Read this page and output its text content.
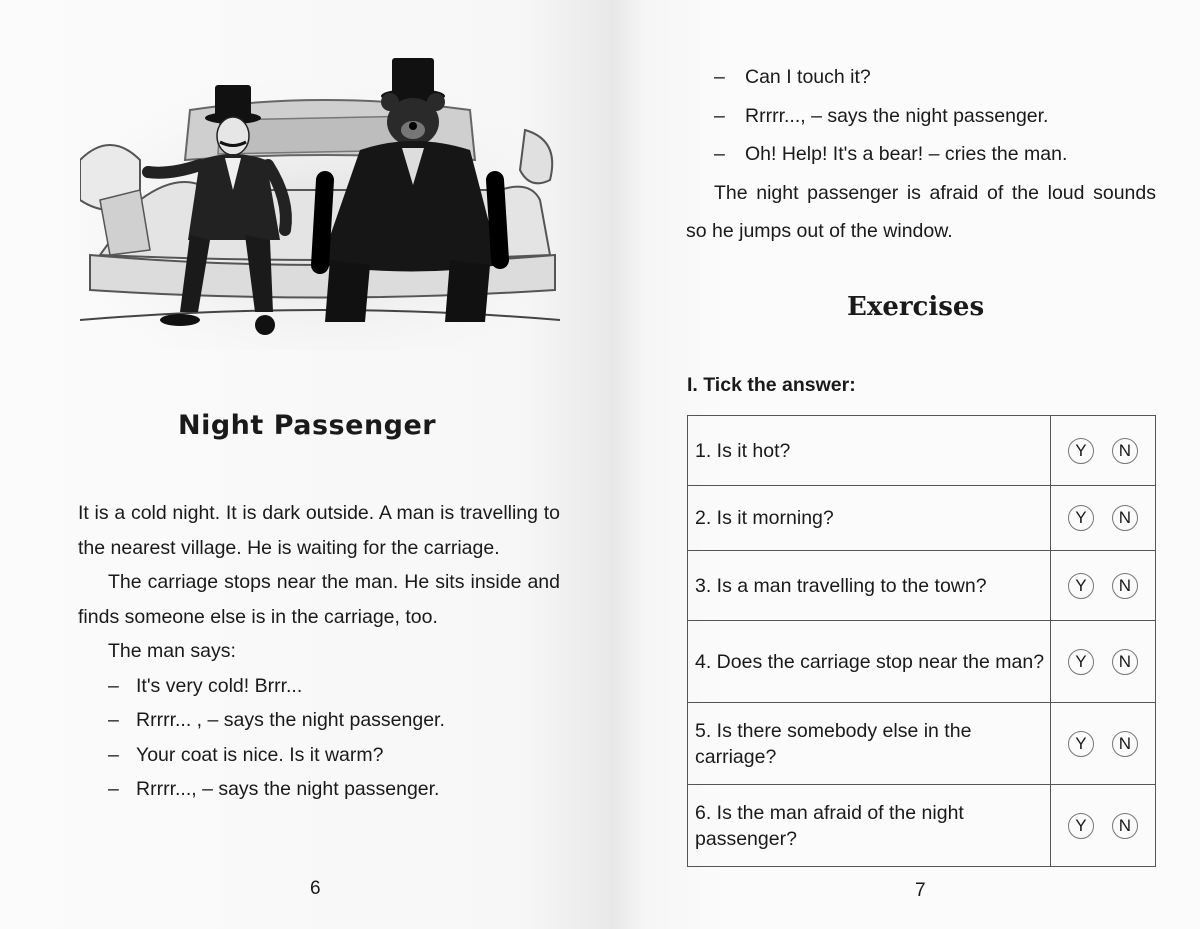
Night Passenger

It is a cold night. It is dark outside. A man is travelling to the nearest village. He is waiting for the carriage.

The carriage stops near the man. He sits inside and finds someone else is in the carriage, too.

The man says:

– It's very cold! Brrr...
– Rrrrr... , – says the night passenger.
– Your coat is nice. Is it warm?
– Rrrrr..., – says the night passenger.
6
– Can I touch it?
– Rrrrr..., – says the night passenger.
– Oh! Help! It's a bear! – cries the man.

The night passenger is afraid of the loud sounds so he jumps out of the window.

Exercises

I. Tick the answer:

1. Is it hot?	Y N
2. Is it morning?	Y N
3. Is a man travelling to the town?	Y N
4. Does the carriage stop near the man?	Y N
5. Is there somebody else in the carriage?	Y N
6. Is the man afraid of the night passenger?	Y N
7
